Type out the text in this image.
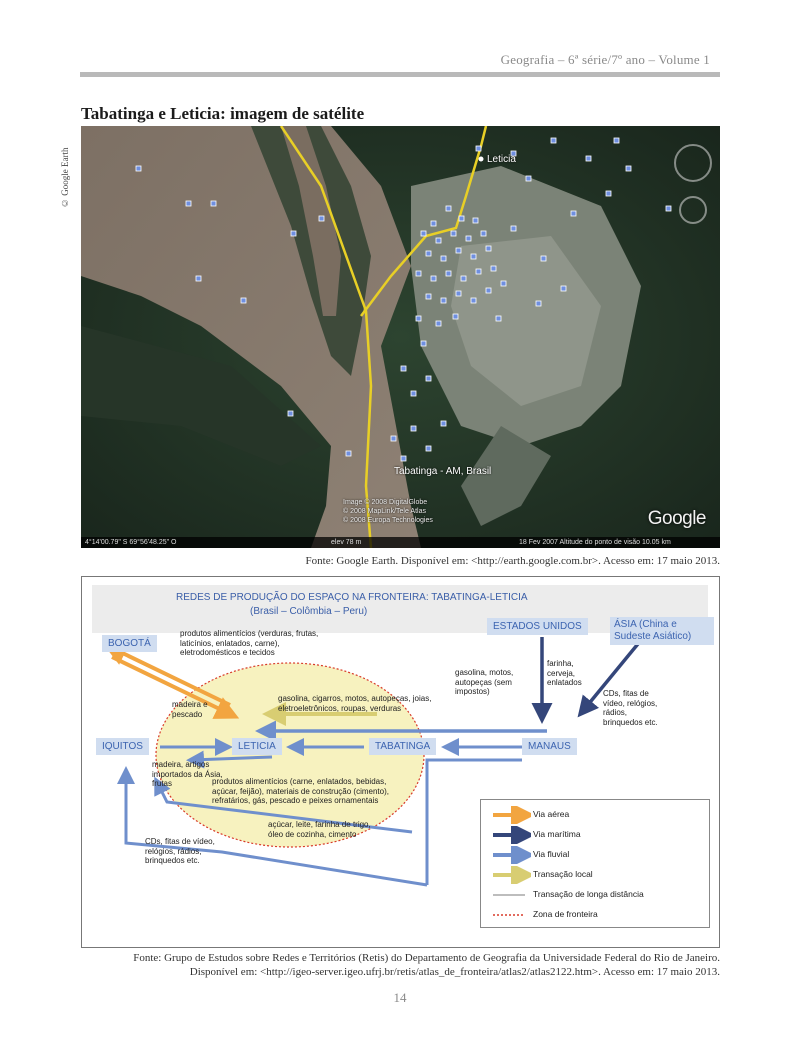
Geografia – 6ª série/7º ano – Volume 1
Tabatinga e Leticia: imagem de satélite
© Google Earth	Leticia
Tabatinga - AM, Brasil
Image © 2008 DigitalGlobe
© 2008 MapLink/Tele Atlas
© 2008 Europa Technologies	Google
4°14'00.79" S 69°56'48.25" O	elev 78 m	18 Fev 2007 Altitude do ponto de visão 10.05 km
Fonte: Google Earth. Disponível em: <http://earth.google.com.br>. Acesso em: 17 maio 2013.
REDES DE PRODUÇÃO DO ESPAÇO NA FRONTEIRA: TABATINGA-LETICIA
(Brasil – Colômbia – Peru)
BOGOTÁ
ESTADOS UNIDOS	ÁSIA (China e Sudeste Asiático)
IQUITOS	LETICIA	TABATINGA	MANAUS
produtos alimentícios (verduras, frutas, laticínios, enlatados, carne), eletrodomésticos e tecidos
madeira e pescado
gasolina, motos, autopeças (sem impostos)
farinha, cerveja, enlatados
CDs, fitas de vídeo, relógios, rádios, brinquedos etc.
gasolina, cigarros, motos, autopeças, joias, eletroeletrônicos, roupas, verduras
madeira, artigos importados da Ásia, frutas	produtos alimentícios (carne, enlatados, bebidas, açúcar, feijão), materiais de construção (cimento), refratários, gás, pescado e peixes ornamentais
açúcar, leite, farinha de trigo, óleo de cozinha, cimento
CDs, fitas de vídeo, relógios, rádios, brinquedos etc.
Via aérea
Via marítima
Via fluvial
Transação local
Transação de longa distância
Zona de fronteira
Fonte: Grupo de Estudos sobre Redes e Territórios (Retis) do Departamento de Geografia da Universidade Federal do Rio de Janeiro.
Disponível em: <http://igeo-server.igeo.ufrj.br/retis/atlas_de_fronteira/atlas2/atlas2122.htm>. Acesso em: 17 maio 2013.
14
